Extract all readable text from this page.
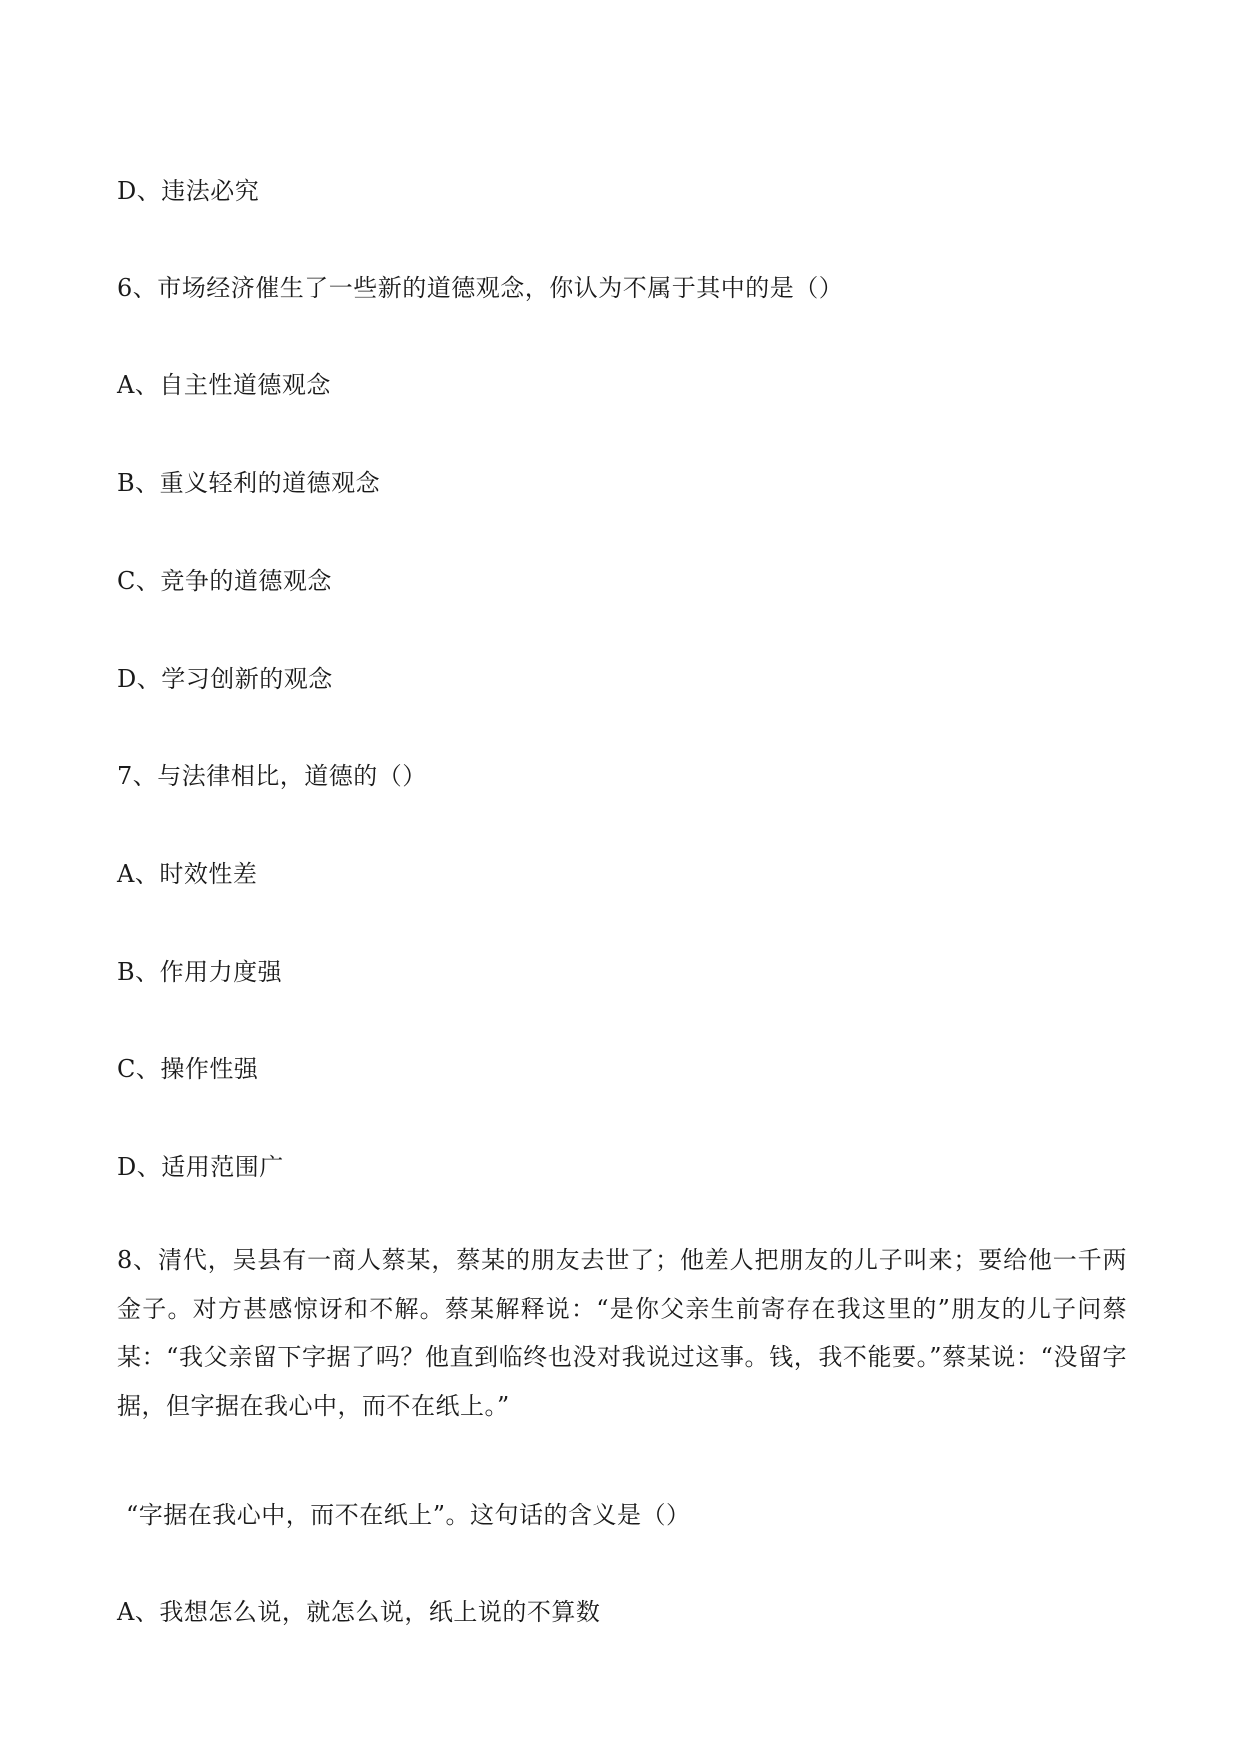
D、违法必究
6、市场经济催生了一些新的道德观念，你认为不属于其中的是（）
A、自主性道德观念
B、重义轻利的道德观念
C、竞争的道德观念
D、学习创新的观念
7、与法律相比，道德的（）
A、时效性差
B、作用力度强
C、操作性强
D、适用范围广
8、清代，吴县有一商人蔡某，蔡某的朋友去世了；他差人把朋友的儿子叫来；要给他一千两金子。对方甚感惊讶和不解。蔡某解释说：“是你父亲生前寄存在我这里的”朋友的儿子问蔡某：“我父亲留下字据了吗？他直到临终也没对我说过这事。钱，我不能要。”蔡某说：“没留字据，但字据在我心中，而不在纸上。”
“字据在我心中，而不在纸上”。这句话的含义是（）
A、我想怎么说，就怎么说，纸上说的不算数
